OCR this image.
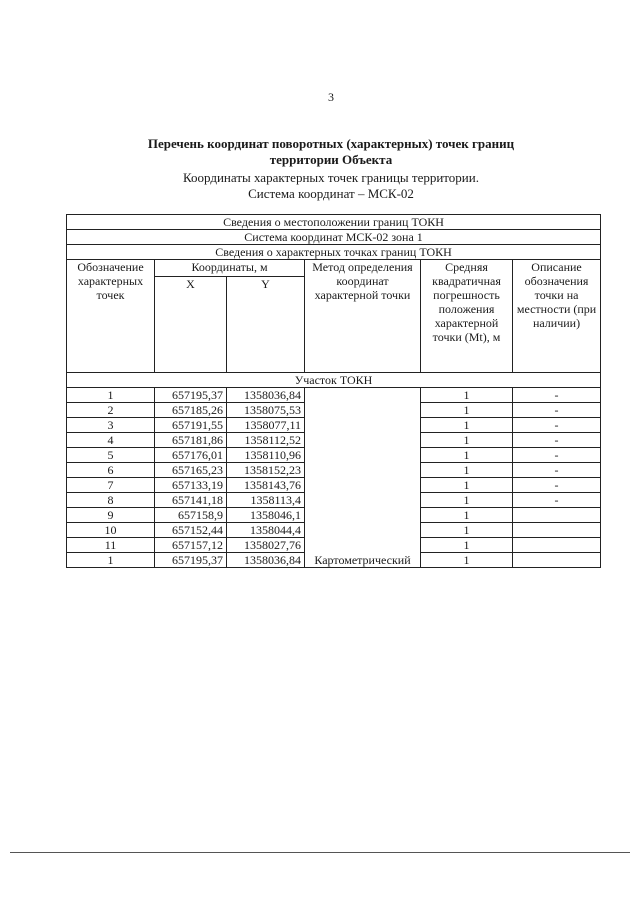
3
Перечень координат поворотных (характерных) точек границ
территории Объекта
Координаты характерных точек границы территории.
Система координат – МСК-02
Сведения о местоположении границ ТОКН					
Система координат МСК-02 зона 1					
Сведения о характерных точках границ ТОКН					
Обозначение характерных точек	Координаты, м		Метод определения координат характерной точки	Средняя квадратичная погрешность положения характерной точки (Mt), м	Описание обозначения точки на местности (при наличии)
	X	Y			
Участок ТОКН					
1	657195,37	1358036,84	Картометрический	1	-
2	657185,26	1358075,53		1	-
3	657191,55	1358077,11		1	-
4	657181,86	1358112,52		1	-
5	657176,01	1358110,96		1	-
6	657165,23	1358152,23		1	-
7	657133,19	1358143,76		1	-
8	657141,18	1358113,4		1	-
9	657158,9	1358046,1		1	
10	657152,44	1358044,4		1	
11	657157,12	1358027,76		1	
1	657195,37	1358036,84		1	
